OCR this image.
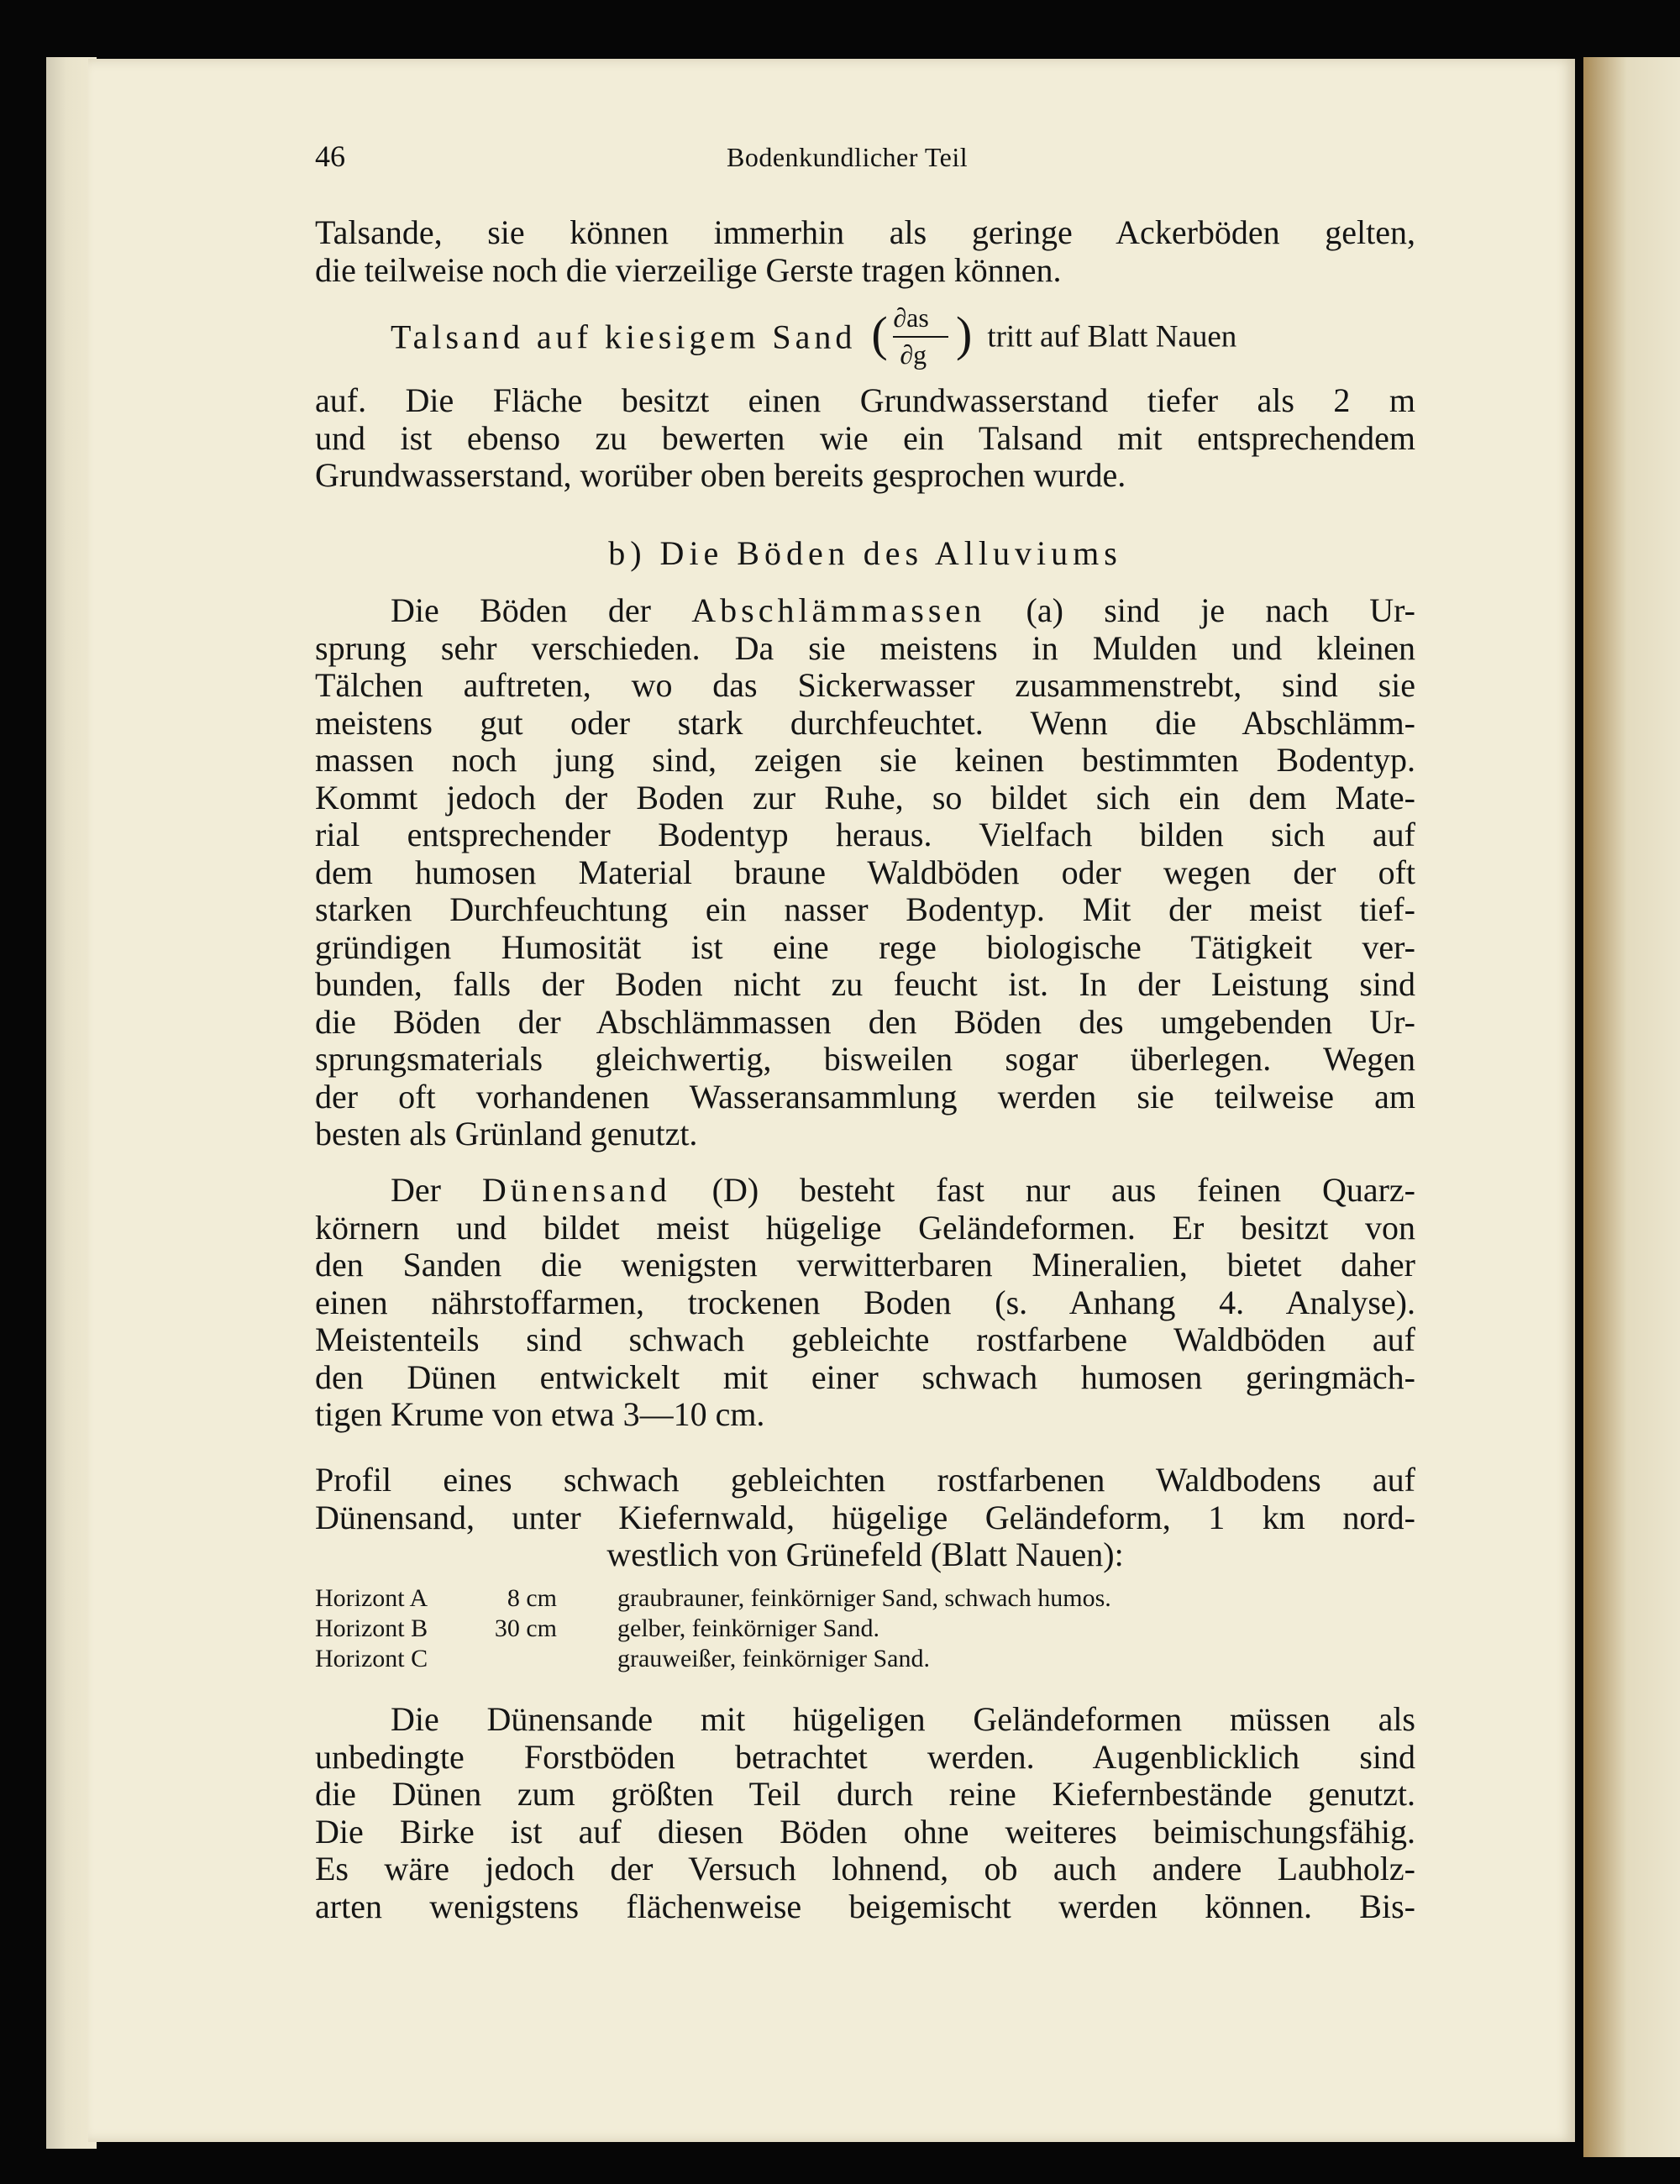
46	Bodenkundlicher Teil
Talsande, sie können immerhin als geringe Ackerböden gelten,
die teilweise noch die vierzeilige Gerste tragen können.
Talsand auf kiesigem Sand ( ∂as
∂g ) tritt auf Blatt Nauen
auf. Die Fläche besitzt einen Grundwasserstand tiefer als 2 m
und ist ebenso zu bewerten wie ein Talsand mit entsprechendem
Grundwasserstand, worüber oben bereits gesprochen wurde.
b) Die Böden des Alluviums
Die Böden der Abschlämmassen (a) sind je nach Ur-
sprung sehr verschieden. Da sie meistens in Mulden und kleinen
Tälchen auftreten, wo das Sickerwasser zusammenstrebt, sind sie
meistens gut oder stark durchfeuchtet. Wenn die Abschlämm-
massen noch jung sind, zeigen sie keinen bestimmten Bodentyp.
Kommt jedoch der Boden zur Ruhe, so bildet sich ein dem Mate-
rial entsprechender Bodentyp heraus. Vielfach bilden sich auf
dem humosen Material braune Waldböden oder wegen der oft
starken Durchfeuchtung ein nasser Bodentyp. Mit der meist tief-
gründigen Humosität ist eine rege biologische Tätigkeit ver-
bunden, falls der Boden nicht zu feucht ist. In der Leistung sind
die Böden der Abschlämmassen den Böden des umgebenden Ur-
sprungsmaterials gleichwertig, bisweilen sogar überlegen. Wegen
der oft vorhandenen Wasseransammlung werden sie teilweise am
besten als Grünland genutzt.
Der Dünensand (D) besteht fast nur aus feinen Quarz-
körnern und bildet meist hügelige Geländeformen. Er besitzt von
den Sanden die wenigsten verwitterbaren Mineralien, bietet daher
einen nährstoffarmen, trockenen Boden (s. Anhang 4. Analyse).
Meistenteils sind schwach gebleichte rostfarbene Waldböden auf
den Dünen entwickelt mit einer schwach humosen geringmäch-
tigen Krume von etwa 3—10 cm.
Profil eines schwach gebleichten rostfarbenen Waldbodens auf
Dünensand, unter Kiefernwald, hügelige Geländeform, 1 km nord-
westlich von Grünefeld (Blatt Nauen):
Horizont A	8 cm graubrauner, feinkörniger Sand, schwach humos.
Horizont B	30 cm gelber, feinkörniger Sand.
Horizont C	grauweißer, feinkörniger Sand.
Die Dünensande mit hügeligen Geländeformen müssen als
unbedingte Forstböden betrachtet werden. Augenblicklich sind
die Dünen zum größten Teil durch reine Kiefernbestände genutzt.
Die Birke ist auf diesen Böden ohne weiteres beimischungsfähig.
Es wäre jedoch der Versuch lohnend, ob auch andere Laubholz-
arten wenigstens flächenweise beigemischt werden können. Bis-
